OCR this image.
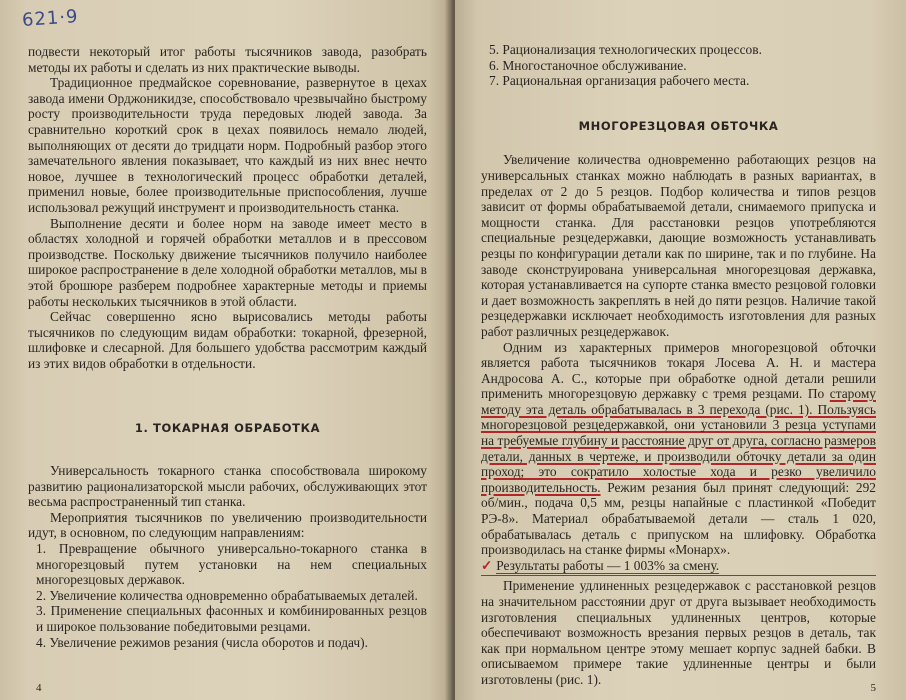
621·9

подвести некоторый итог работы тысячников завода, разобрать методы их работы и сделать из них практические выводы.

Традиционное предмайское соревнование, развернутое в цехах завода имени Орджоникидзе, способствовало чрезвычайно быстрому росту производительности труда передовых людей завода. За сравнительно короткий срок в цехах появилось немало людей, выполняющих от десяти до тридцати норм. Подробный разбор этого замечательного явления показывает, что каждый из них внес нечто новое, лучшее в технологический процесс обработки деталей, применил новые, более производительные приспособления, лучше использовал режущий инструмент и производительность станка.

Выполнение десяти и более норм на заводе имеет место в областях холодной и горячей обработки металлов и в прессовом производстве. Поскольку движение тысячников получило наиболее широкое распространение в деле холодной обработки металлов, мы в этой брошюре разберем подробнее характерные методы и приемы работы нескольких тысячников в этой области.

Сейчас совершенно ясно вырисовались методы работы тысячников по следующим видам обработки: токарной, фрезерной, шлифовке и слесарной. Для большего удобства рассмотрим каждый из этих видов обработки в отдельности.

1. ТОКАРНАЯ ОБРАБОТКА

Универсальность токарного станка способствовала широкому развитию рационализаторской мысли рабочих, обслуживающих этот весьма распространенный тип станка.

Мероприятия тысячников по увеличению производительности идут, в основном, по следующим направлениям:

1. Превращение обычного универсально-токарного станка в многорезцовый путем установки на нем специальных многорезцовых державок.

2. Увеличение количества одновременно обрабатываемых деталей.

3. Применение специальных фасонных и комбинированных резцов и широкое пользование победитовыми резцами.

4. Увеличение режимов резания (числа оборотов и подач).

4

5. Рационализация технологических процессов.

6. Многостаночное обслуживание.

7. Рациональная организация рабочего места.

МНОГОРЕЗЦОВАЯ ОБТОЧКА

Увеличение количества одновременно работающих резцов на универсальных станках можно наблюдать в разных вариантах, в пределах от 2 до 5 резцов. Подбор количества и типов резцов зависит от формы обрабатываемой детали, снимаемого припуска и мощности станка. Для расстановки резцов употребляются специальные резцедержавки, дающие возможность устанавливать резцы по конфигурации детали как по ширине, так и по глубине. На заводе сконструирована универсальная многорезцовая державка, которая устанавливается на супорте станка вместо резцовой головки и дает возможность закреплять в ней до пяти резцов. Наличие такой резцедержавки исключает необходимость изготовления для разных работ различных резцедержавок.

Одним из характерных примеров многорезцовой обточки является работа тысячников токаря Лосева А. Н. и мастера Андросова А. С., которые при обработке одной детали решили применить многорезцовую державку с тремя резцами. По старому методу эта деталь обрабатывалась в 3 перехода (рис. 1). Пользуясь многорезцовой резцедержавкой, они установили 3 резца уступами на требуемые глубину и расстояние друг от друга, согласно размеров детали, данных в чертеже, и производили обточку детали за один проход; это сократило холостые хода и резко увеличило производительность. Режим резания был принят следующий: 292 об/мин., подача 0,5 мм, резцы напайные с пластинкой «Победит РЭ-8». Материал обрабатываемой детали — сталь 1 020, обрабатывалась деталь с припуском на шлифовку. Обработка производилась на станке фирмы «Монарх».

✓ Результаты работы — 1 003% за смену.

Применение удлиненных резцедержавок с расстановкой резцов на значительном расстоянии друг от друга вызывает необходимость изготовления специальных удлиненных центров, которые обеспечивают возможность врезания первых резцов в деталь, так как при нормальном центре этому мешает корпус задней бабки. В описываемом примере такие удлиненные центры и были изготовлены (рис. 1).

5
